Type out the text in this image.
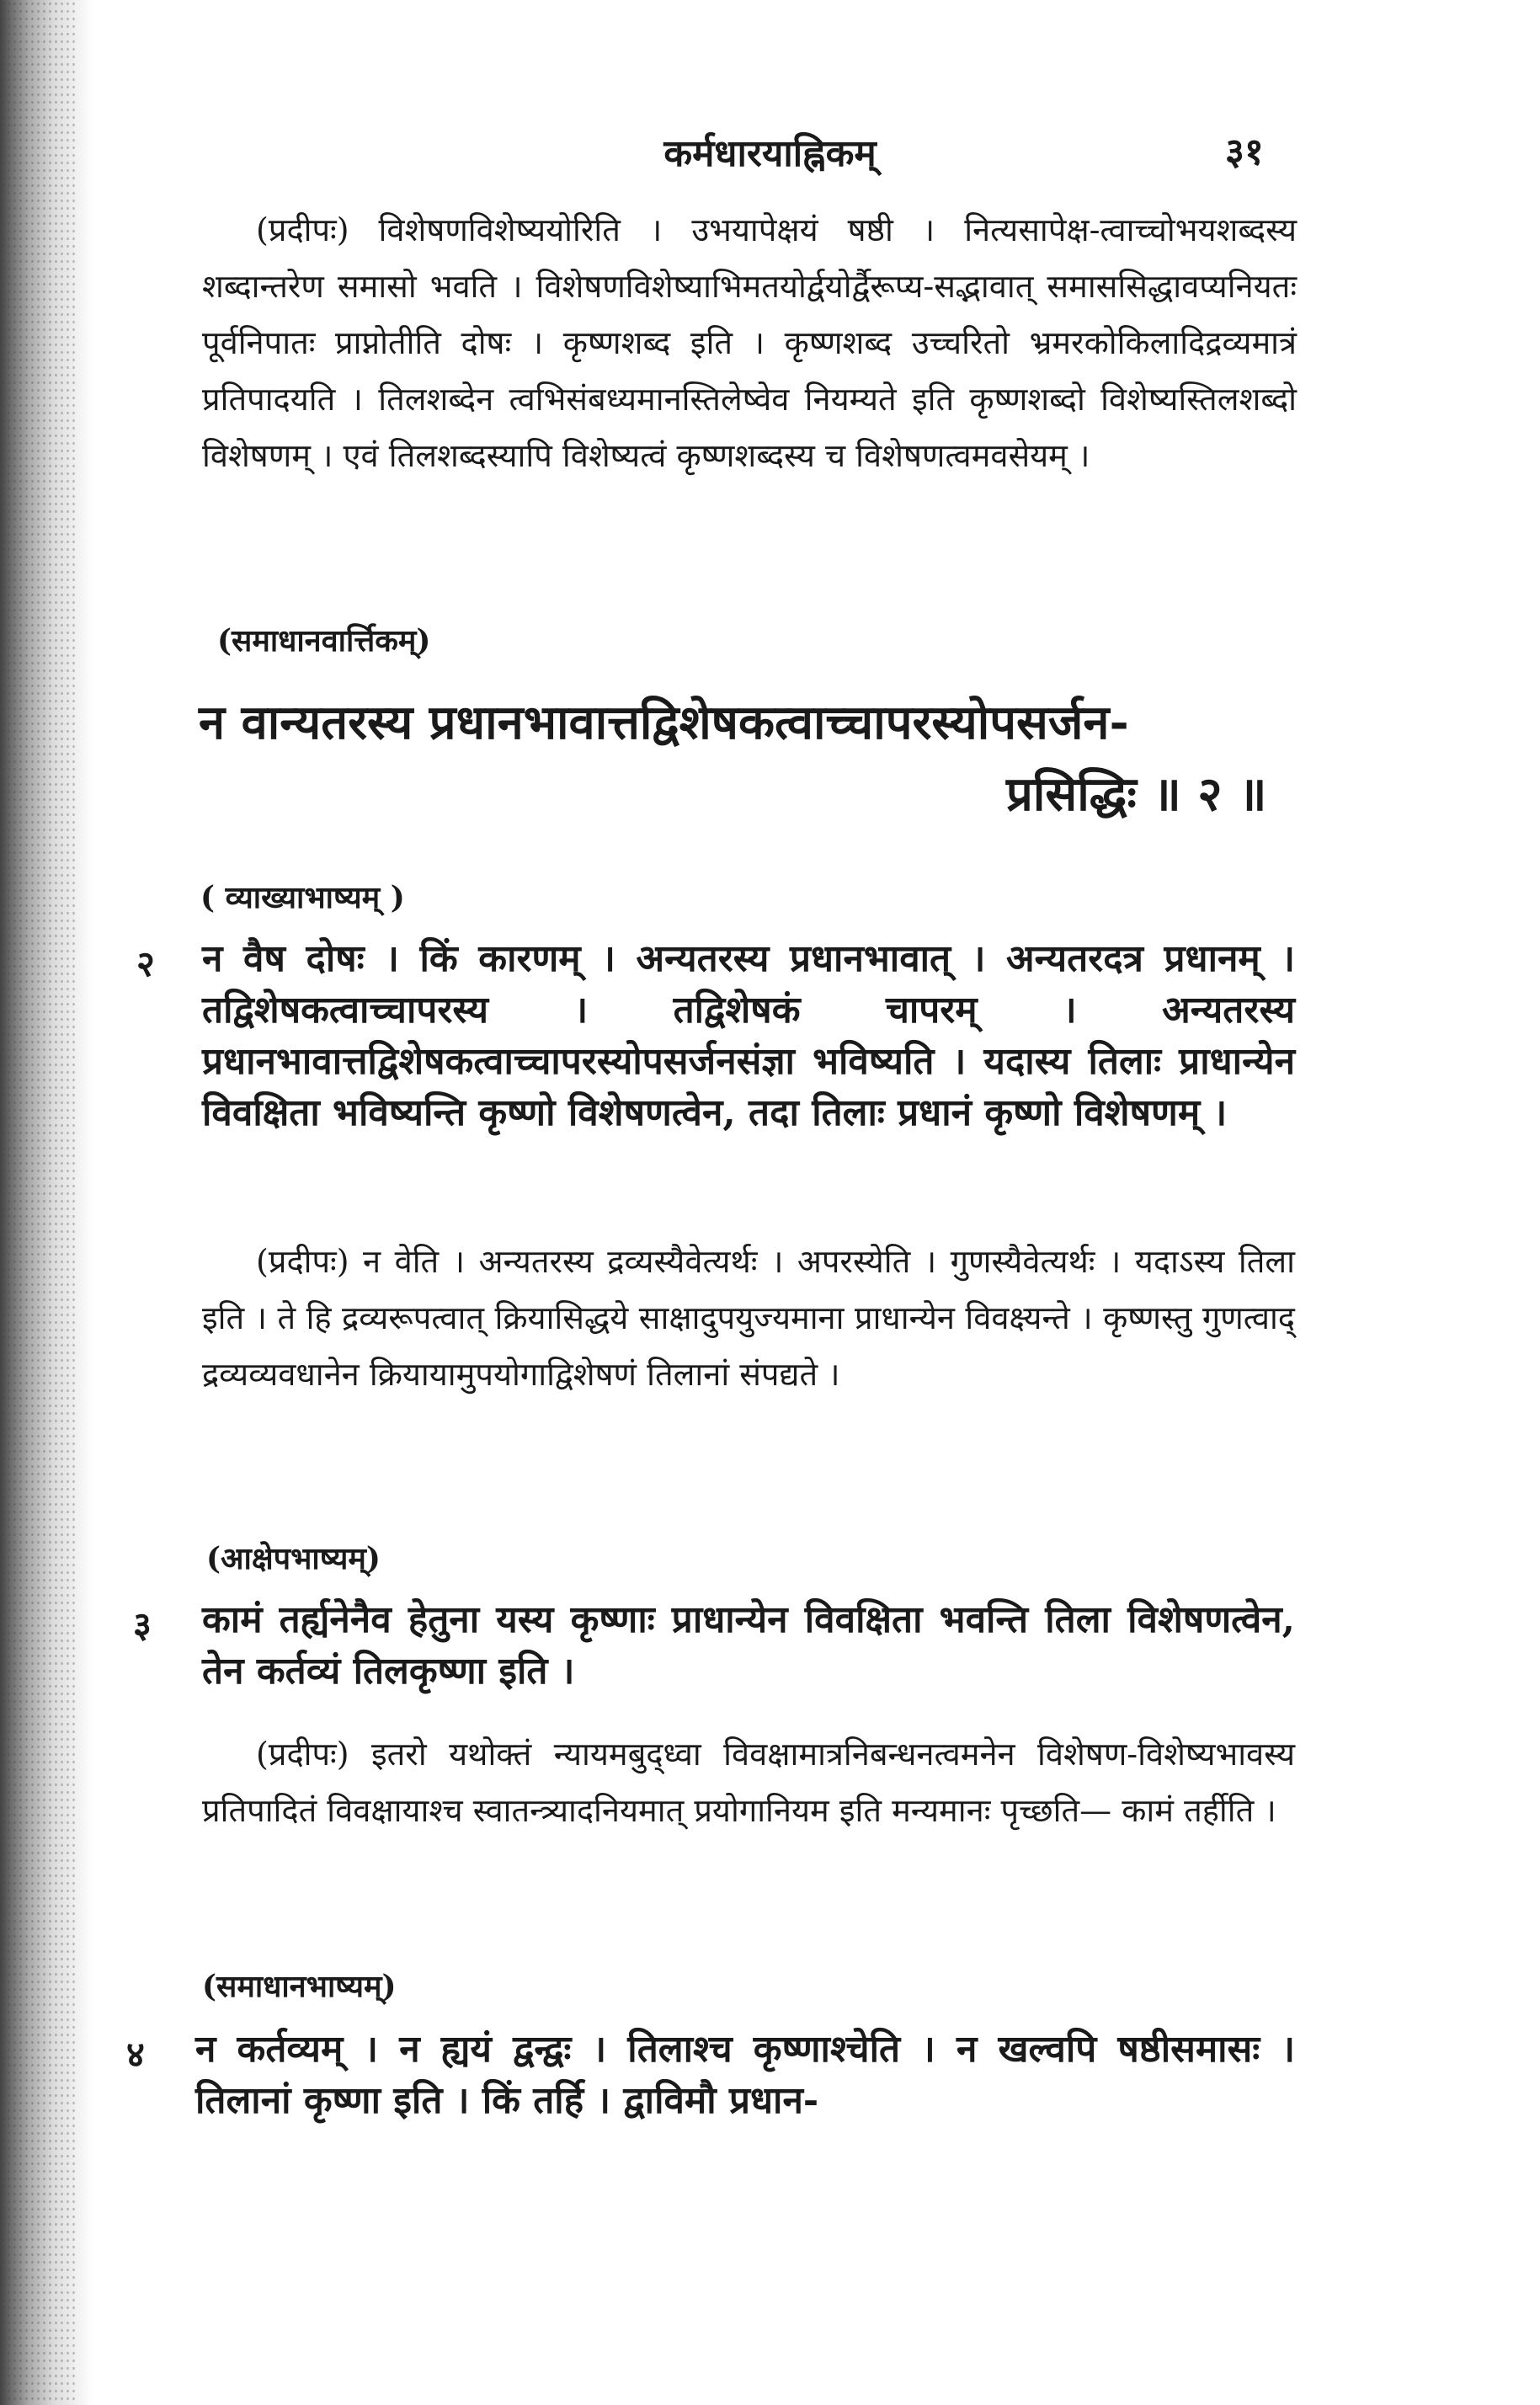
कर्मधारयाह्निकम्	३१

(प्रदीपः) विशेषणविशेष्ययोरिति । उभयापेक्षयं षष्ठी । नित्यसापेक्ष-त्वाच्चोभयशब्दस्य शब्दान्तरेण समासो भवति । विशेषणविशेष्याभिमतयोर्द्वयोर्द्वैरूप्य-सद्भावात् समाससिद्धावप्यनियतः पूर्वनिपातः प्राप्नोतीति दोषः । कृष्णशब्द इति । कृष्णशब्द उच्चरितो भ्रमरकोकिलादिद्रव्यमात्रं प्रतिपादयति । तिलशब्देन त्वभिसंबध्यमानस्तिलेष्वेव नियम्यते इति कृष्णशब्दो विशेष्यस्तिलशब्दो विशेषणम् । एवं तिलशब्दस्यापि विशेष्यत्वं कृष्णशब्दस्य च विशेषणत्वमवसेयम् ।

(समाधानवार्त्तिकम्)
न वान्यतरस्य प्रधानभावात्तद्विशेषकत्वाच्चापरस्योपसर्जन-
प्रसिद्धिः ॥ २ ॥
( व्याख्याभाष्यम् )
२ न वैष दोषः । किं कारणम् । अन्यतरस्य प्रधानभावात् । अन्यतरदत्र प्रधानम् । तद्विशेषकत्वाच्चापरस्य । तद्विशेषकं चापरम् । अन्यतरस्य प्रधानभावात्तद्विशेषकत्वाच्चापरस्योपसर्जनसंज्ञा भविष्यति । यदास्य तिलाः प्राधान्येन विवक्षिता भविष्यन्ति कृष्णो विशेषणत्वेन, तदा तिलाः प्रधानं कृष्णो विशेषणम् ।

(प्रदीपः) न वेति । अन्यतरस्य द्रव्यस्यैवेत्यर्थः । अपरस्येति । गुणस्यैवेत्यर्थः । यदाऽस्य तिला इति । ते हि द्रव्यरूपत्वात् क्रियासिद्धये साक्षादुपयुज्यमाना प्राधान्येन विवक्ष्यन्ते । कृष्णस्तु गुणत्वाद् द्रव्यव्यवधानेन क्रियायामुपयोगाद्विशेषणं तिलानां संपद्यते ।

(आक्षेपभाष्यम्)
३ कामं तर्ह्यनेनैव हेतुना यस्य कृष्णाः प्राधान्येन विवक्षिता भवन्ति तिला विशेषणत्वेन, तेन कर्तव्यं तिलकृष्णा इति ।

(प्रदीपः) इतरो यथोक्तं न्यायमबुद्ध्वा विवक्षामात्रनिबन्धनत्वमनेन विशेषण-विशेष्यभावस्य प्रतिपादितं विवक्षायाश्च स्वातन्त्र्याद‌नियमात् प्रयोगानियम इति मन्यमानः पृच्छति— कामं तर्हीति ।

(समाधानभाष्यम्)
४ न कर्तव्यम् । न ह्ययं द्वन्द्वः । तिलाश्च कृष्णाश्चेति । न खल्वपि षष्ठीसमासः । तिलानां कृष्णा इति । किं तर्हि । द्वाविमौ प्रधान-
